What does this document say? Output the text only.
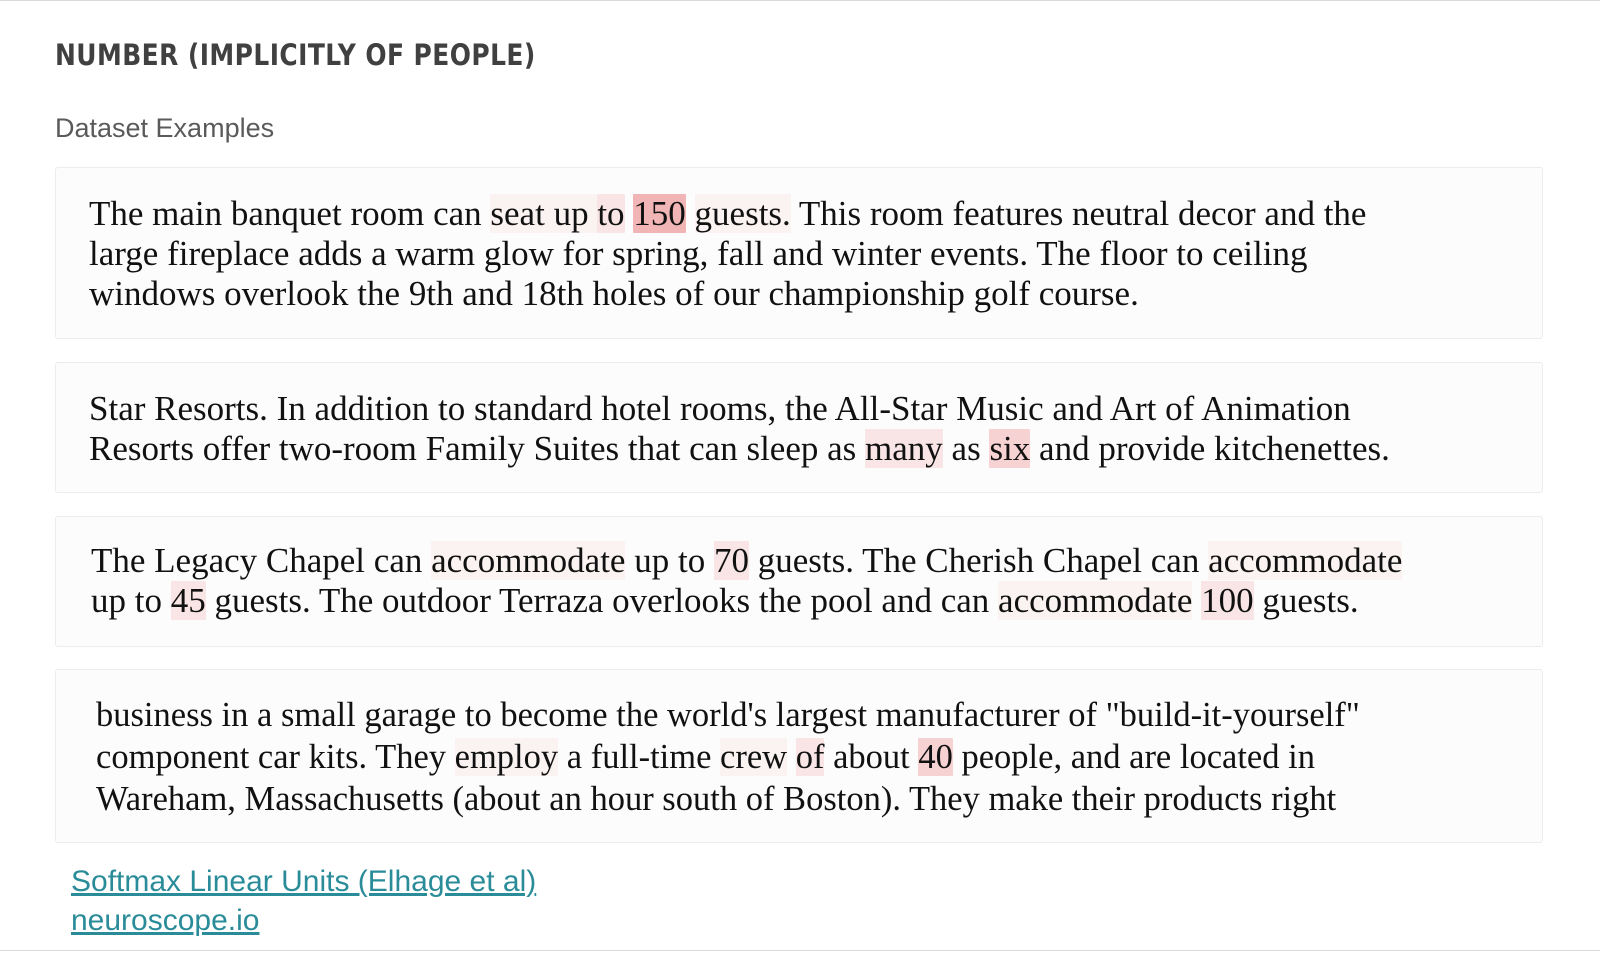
NUMBER (IMPLICITLY OF PEOPLE)
Dataset Examples

The main banquet room can seat up to 150 guests. This room features neutral decor and the
large fireplace adds a warm glow for spring, fall and winter events. The floor to ceiling
windows overlook the 9th and 18th holes of our championship golf course.

Star Resorts. In addition to standard hotel rooms, the All-Star Music and Art of Animation
Resorts offer two-room Family Suites that can sleep as many as six and provide kitchenettes.

The Legacy Chapel can accommodate up to 70 guests. The Cherish Chapel can accommodate
up to 45 guests. The outdoor Terraza overlooks the pool and can accommodate 100 guests.

business in a small garage to become the world's largest manufacturer of "build-it-yourself"
component car kits. They employ a full-time crew of about 40 people, and are located in
Wareham, Massachusetts (about an hour south of Boston). They make their products right

Softmax Linear Units (Elhage et al)
neuroscope.io
